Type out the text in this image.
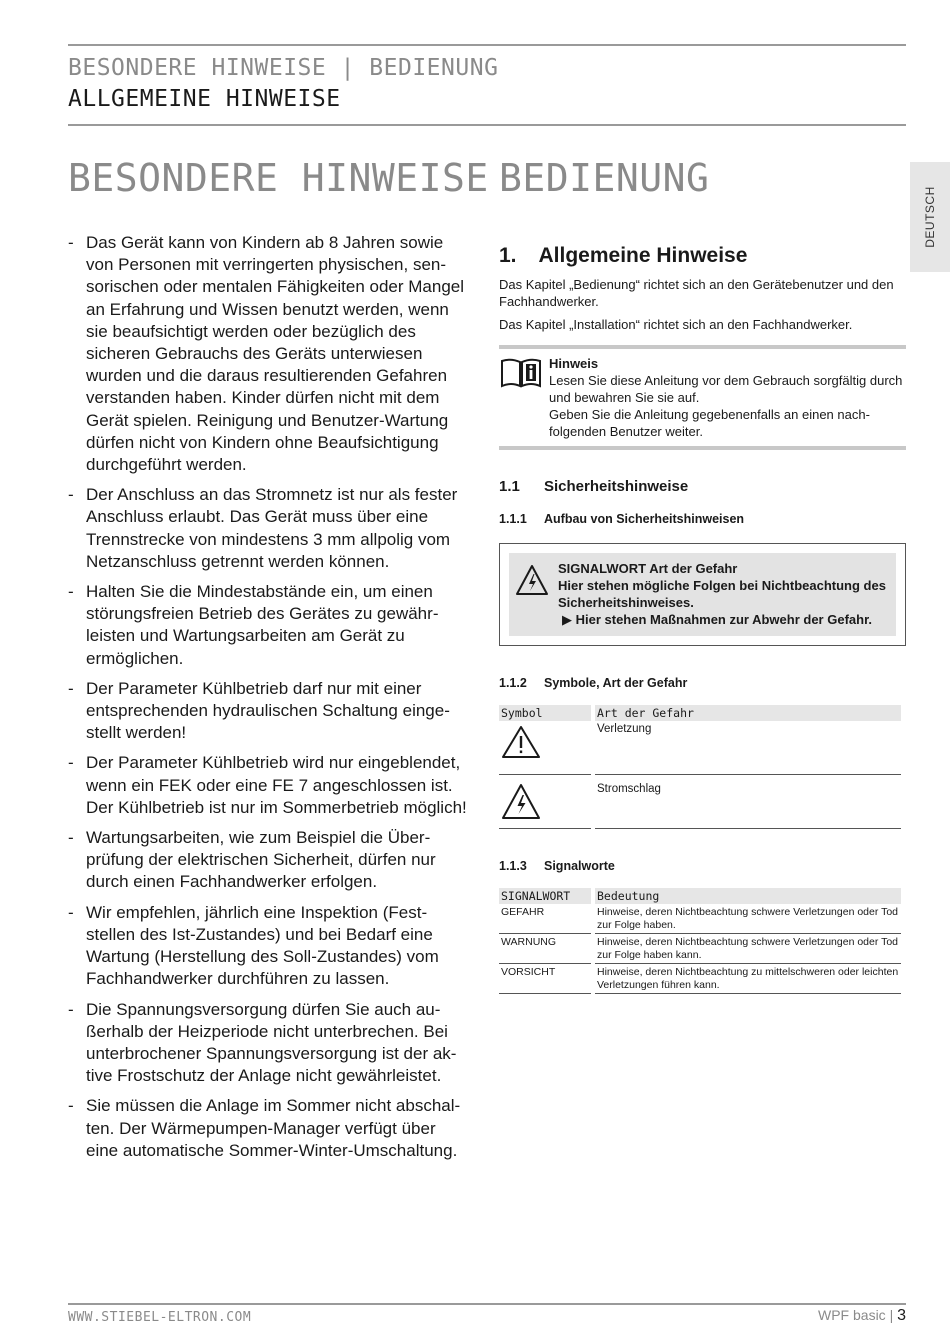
BESONDERE HINWEISE | BEDIENUNG
ALLGEMEINE HINWEISE
DEUTSCH
BESONDERE HINWEISE BEDIENUNG
- Das Gerät kann von Kindern ab 8 Jahren sowie von Personen mit verringerten physischen, sensorischen oder mentalen Fähigkeiten oder Mangel an Erfahrung und Wissen benutzt werden, wenn sie beaufsichtigt werden oder bezüglich des sicheren Gebrauchs des Geräts unterwiesen wurden und die daraus resultierenden Gefahren verstanden haben. Kinder dürfen nicht mit dem Gerät spielen. Reinigung und Benutzer-Wartung dürfen nicht von Kindern ohne Beaufsichtigung durchgeführt werden.
- Der Anschluss an das Stromnetz ist nur als fester Anschluss erlaubt. Das Gerät muss über eine Trennstrecke von mindestens 3 mm allpolig vom Netzanschluss getrennt werden können.
- Halten Sie die Mindestabstände ein, um einen störungsfreien Betrieb des Gerätes zu gewährleisten und Wartungsarbeiten am Gerät zu ermöglichen.
- Der Parameter Kühlbetrieb darf nur mit einer entsprechenden hydraulischen Schaltung eingestellt werden!
- Der Parameter Kühlbetrieb wird nur eingeblendet, wenn ein FEK oder eine FE 7 angeschlossen ist. Der Kühlbetrieb ist nur im Sommerbetrieb möglich!
- Wartungsarbeiten, wie zum Beispiel die Überprüfung der elektrischen Sicherheit, dürfen nur durch einen Fachhandwerker erfolgen.
- Wir empfehlen, jährlich eine Inspektion (Feststellen des Ist-Zustandes) und bei Bedarf eine Wartung (Herstellung des Soll-Zustandes) vom Fachhandwerker durchführen zu lassen.
- Die Spannungsversorgung dürfen Sie auch außerhalb der Heizperiode nicht unterbrechen. Bei unterbrochener Spannungsversorgung ist der aktive Frostschutz der Anlage nicht gewährleistet.
- Sie müssen die Anlage im Sommer nicht abschalten. Der Wärmepumpen-Manager verfügt über eine automatische Sommer-Winter-Umschaltung.
1. Allgemeine Hinweise
Das Kapitel „Bedienung“ richtet sich an den Gerätebenutzer und den Fachhandwerker.
Das Kapitel „Installation“ richtet sich an den Fachhandwerker.
Hinweis
Lesen Sie diese Anleitung vor dem Gebrauch sorgfältig durch und bewahren Sie sie auf.
Geben Sie die Anleitung gegebenenfalls an einen nachfolgenden Benutzer weiter.
1.1	Sicherheitshinweise
1.1.1	Aufbau von Sicherheitshinweisen
SIGNALWORT Art der Gefahr
Hier stehen mögliche Folgen bei Nichtbeachtung des Sicherheitshinweises.
▶ Hier stehen Maßnahmen zur Abwehr der Gefahr.
1.1.2	Symbole, Art der Gefahr
Symbol		Art der Gefahr
		Verletzung
		Stromschlag
1.1.3	Signalworte
SIGNALWORT		Bedeutung
GEFAHR		Hinweise, deren Nichtbeachtung schwere Verletzungen oder Tod zur Folge haben.
WARNUNG		Hinweise, deren Nichtbeachtung schwere Verletzungen oder Tod zur Folge haben kann.
VORSICHT		Hinweise, deren Nichtbeachtung zu mittelschweren oder leichten Verletzungen führen kann.
WWW.STIEBEL-ELTRON.COM	WPF basic | 3
